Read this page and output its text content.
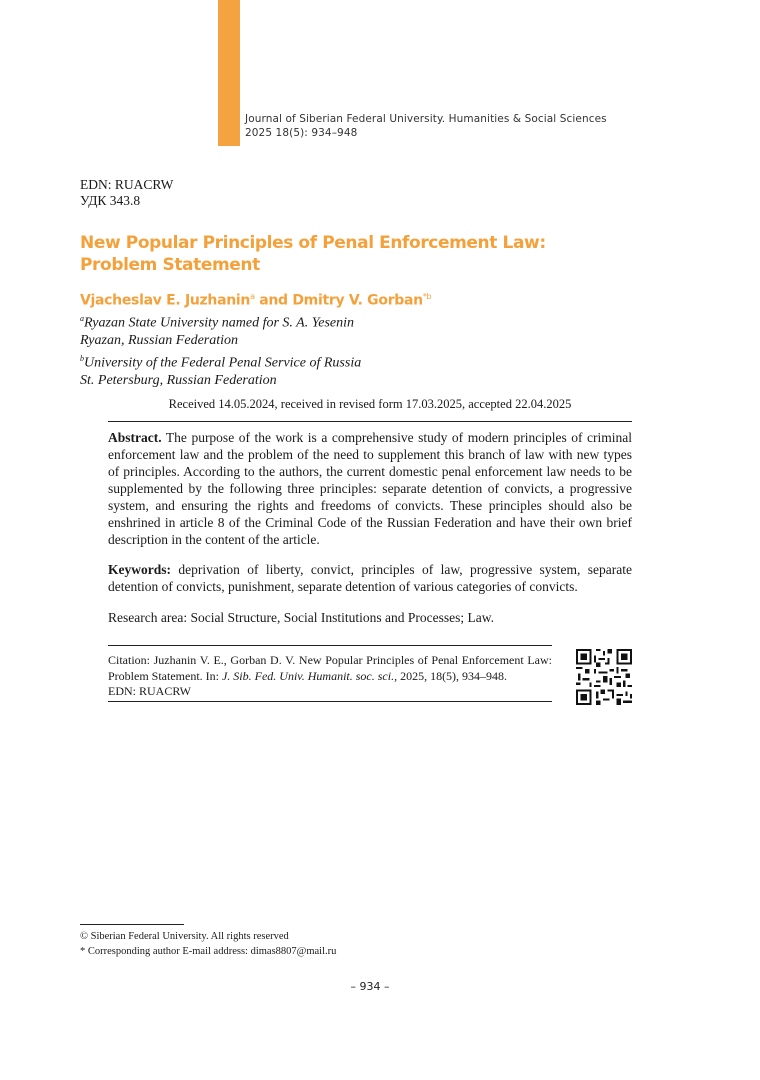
Journal of Siberian Federal University. Humanities & Social Sciences
2025 18(5): 934–948
EDN: RUACRW
УДК 343.8
New Popular Principles of Penal Enforcement Law:
Problem Statement
Vjacheslav E. Juzhanin$^a$ and Dmitry V. Gorban$^{*b}$
$^a$Ryazan State University named for S. A. Yesenin
Ryazan, Russian Federation
$^b$University of the Federal Penal Service of Russia
St. Petersburg, Russian Federation
Received 14.05.2024, received in revised form 17.03.2025, accepted 22.04.2025
Abstract. The purpose of the work is a comprehensive study of modern principles of criminal enforcement law and the problem of the need to supplement this branch of law with new types of principles. According to the authors, the current domestic penal enforcement law needs to be supplemented by the following three principles: separate detention of convicts, a progressive system, and ensuring the rights and freedoms of convicts. These principles should also be enshrined in article 8 of the Criminal Code of the Russian Federation and have their own brief description in the content of the article.
Keywords: deprivation of liberty, convict, principles of law, progressive system, separate detention of convicts, punishment, separate detention of various categories of convicts.
Research area: Social Structure, Social Institutions and Processes; Law.
Citation: Juzhanin V. E., Gorban D. V. New Popular Principles of Penal Enforcement Law: Problem Statement. In: J. Sib. Fed. Univ. Humanit. soc. sci., 2025, 18(5), 934–948.
EDN: RUACRW
© Siberian Federal University. All rights reserved
* Corresponding author E-mail address: dimas8807@mail.ru
– 934 –
